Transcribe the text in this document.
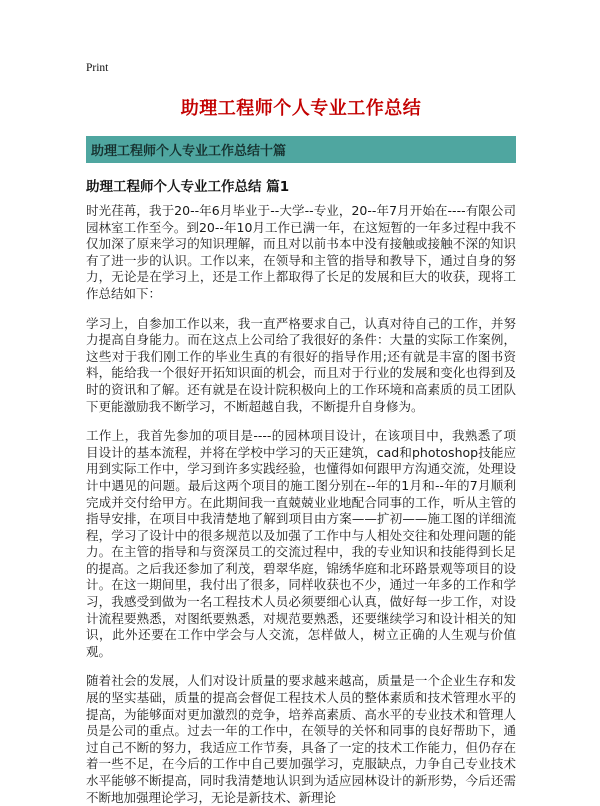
Print
助理工程师个人专业工作总结
助理工程师个人专业工作总结十篇
助理工程师个人专业工作总结 篇1

时光荏苒，我于20--年6月毕业于--大学--专业，20--年7月开始在----有限公司园林室工作至今。到20--年10月工作已满一年，在这短暂的一年多过程中我不仅加深了原来学习的知识理解，而且对以前书本中没有接触或接触不深的知识有了进一步的认识。工作以来，在领导和主管的指导和教导下，通过自身的努力，无论是在学习上，还是工作上都取得了长足的发展和巨大的收获，现将工作总结如下：

学习上，自参加工作以来，我一直严格要求自己，认真对待自己的工作，并努力提高自身能力。而在这点上公司给了我很好的条件：大量的实际工作案例，这些对于我们刚工作的毕业生真的有很好的指导作用;还有就是丰富的图书资料，能给我一个很好开拓知识面的机会，而且对于行业的发展和变化也得到及时的资讯和了解。还有就是在设计院积极向上的工作环境和高素质的员工团队下更能激励我不断学习，不断超越自我，不断提升自身修为。

工作上，我首先参加的项目是----的园林项目设计，在该项目中，我熟悉了项目设计的基本流程，并将在学校中学习的天正建筑，cad和photoshop技能应用到实际工作中，学习到许多实践经验，也懂得如何跟甲方沟通交流，处理设计中遇见的问题。最后这两个项目的施工图分别在--年的1月和--年的7月顺利完成并交付给甲方。在此期间我一直兢兢业业地配合同事的工作，听从主管的指导安排，在项目中我清楚地了解到项目由方案——扩初——施工图的详细流程，学习了设计中的很多规范以及加强了工作中与人相处交往和处理问题的能力。在主管的指导和与资深员工的交流过程中，我的专业知识和技能得到长足的提高。之后我还参加了利茂，碧翠华庭，锦绣华庭和北环路景观等项目的设计。在这一期间里，我付出了很多，同样收获也不少，通过一年多的工作和学习，我感受到做为一名工程技术人员必须要细心认真，做好每一步工作，对设计流程要熟悉，对图纸要熟悉，对规范要熟悉，还要继续学习和设计相关的知识，此外还要在工作中学会与人交流，怎样做人，树立正确的人生观与价值观。

随着社会的发展，人们对设计质量的要求越来越高，质量是一个企业生存和发展的坚实基础，质量的提高会督促工程技术人员的整体素质和技术管理水平的提高，为能够面对更加激烈的竞争，培养高素质、高水平的专业技术和管理人员是公司的重点。过去一年的工作中，在领导的关怀和同事的良好帮助下，通过自己不断的努力，我适应工作节奏，具备了一定的技术工作能力，但仍存在着一些不足，在今后的工作中自己要加强学习，克服缺点，力争自己专业技术水平能够不断提高，同时我清楚地认识到为适应园林设计的新形势，今后还需不断地加强理论学习，无论是新技术、新理论
